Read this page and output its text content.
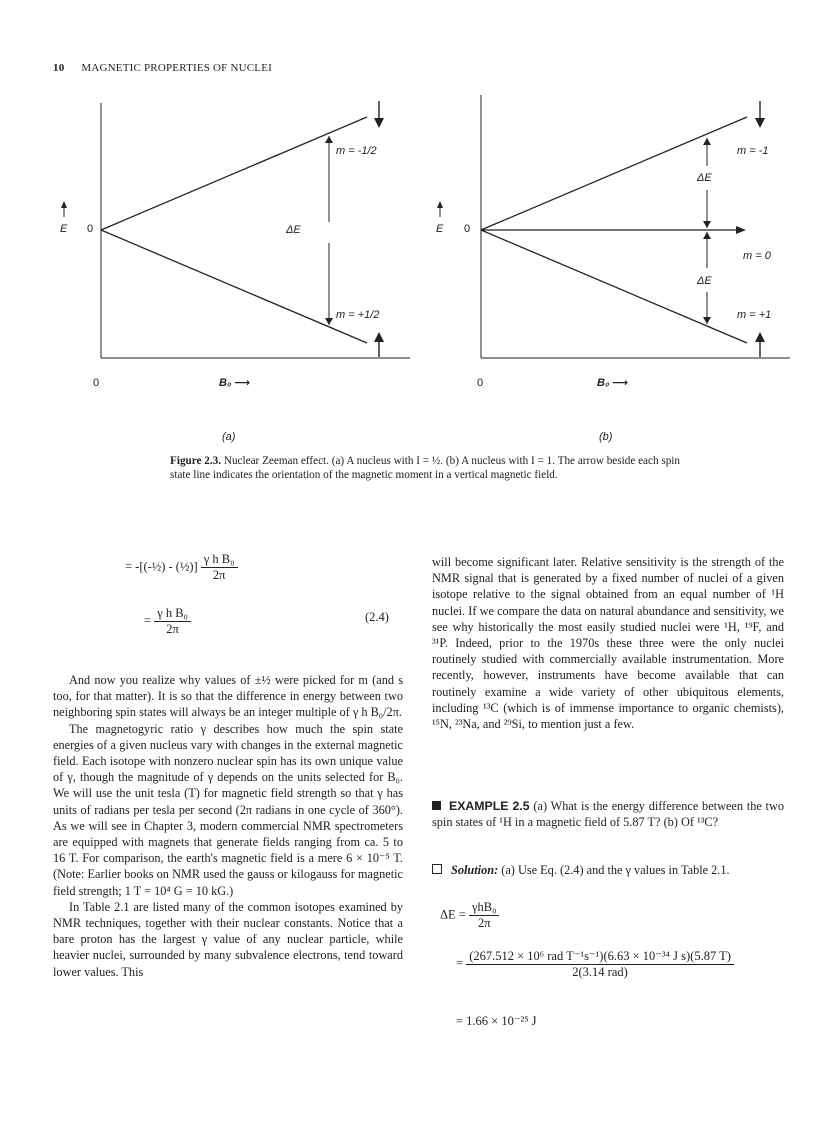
10 MAGNETIC PROPERTIES OF NUCLEI
E 0
0	B₀ ⟶
m = -1/2
m = +1/2
ΔE
(a)
E 0
0	B₀ ⟶
m = -1
m = 0
m = +1
ΔE
ΔE
(b)
Figure 2.3. Nuclear Zeeman effect. (a) A nucleus with I = ½. (b) A nucleus with I = 1. The arrow beside each spin state line indicates the orientation of the magnetic moment in a vertical magnetic field.
= -[(-½) - (½)] $\frac{\text{γ h B₀}}{2\pi}$
= $\frac{\text{γ h B₀}}{2\pi}$	(2.4)

And now you realize why values of ±½ were picked for m (and s too, for that matter). It is so that the difference in energy between two neighboring spin states will always be an integer multiple of γ h B₀/2π.

The magnetogyric ratio γ describes how much the spin state energies of a given nucleus vary with changes in the external magnetic field. Each isotope with nonzero nuclear spin has its own unique value of γ, though the magnitude of γ depends on the units selected for B₀. We will use the unit tesla (T) for magnetic field strength so that γ has units of radians per tesla per second (2π radians in one cycle of 360°). As we will see in Chapter 3, modern commercial NMR spectrometers are equipped with magnets that generate fields ranging from ca. 5 to 16 T. For comparison, the earth's magnetic field is a mere 6 × 10⁻⁵ T. (Note: Earlier books on NMR used the gauss or kilogauss for magnetic field strength; 1 T = 10⁴ G = 10 kG.)

In Table 2.1 are listed many of the common isotopes examined by NMR techniques, together with their nuclear constants. Notice that a bare proton has the largest γ value of any nuclear particle, while heavier nuclei, surrounded by many subvalence electrons, tend toward lower values. This

will become significant later. Relative sensitivity is the strength of the NMR signal that is generated by a fixed number of nuclei of a given isotope relative to the signal obtained from an equal number of ¹H nuclei. If we compare the data on natural abundance and sensitivity, we see why historically the most easily studied nuclei were ¹H, ¹⁹F, and ³¹P. Indeed, prior to the 1970s these three were the only nuclei routinely studied with commercially available instrumentation. More recently, however, instruments have become available that can routinely examine a wide variety of other ubiquitous elements, including ¹³C (which is of immense importance to organic chemists), ¹⁵N, ²³Na, and ²⁹Si, to mention just a few.

EXAMPLE 2.5 (a) What is the energy difference between the two spin states of ¹H in a magnetic field of 5.87 T? (b) Of ¹³C?
Solution: (a) Use Eq. (2.4) and the γ values in Table 2.1.
$\Delta E = \frac{\text{γhB₀}}{2\pi}$
= $\frac{\text{(267.512 × 10⁶ rad T⁻¹s⁻¹)(6.63 × 10⁻³⁴ J s)(5.87 T)}}{\text{2(3.14 rad)}}$
= 1.66 × 10⁻²⁵ J
